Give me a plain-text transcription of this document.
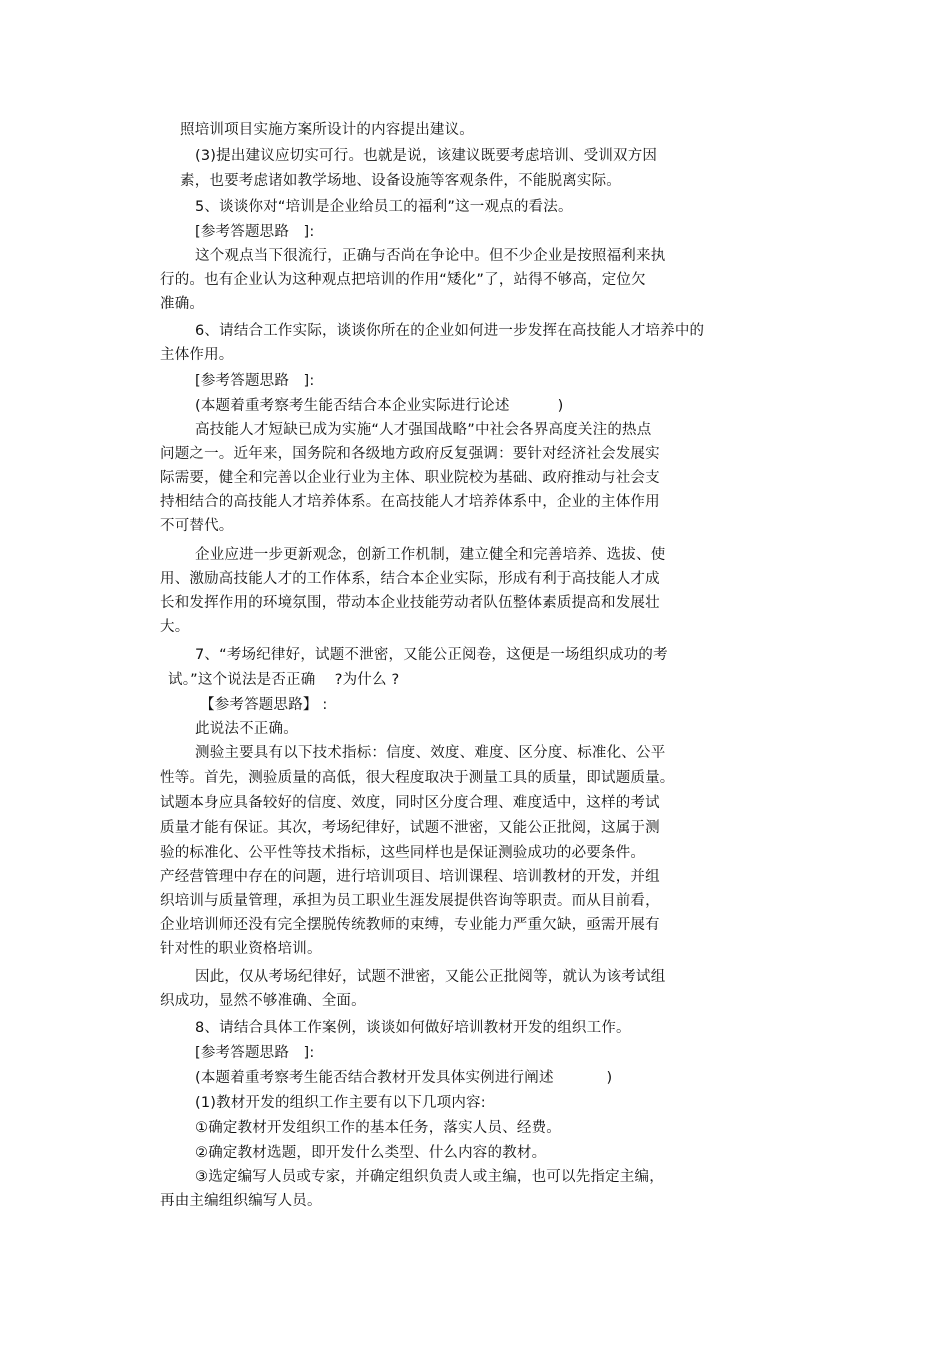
照培训项目实施方案所设计的内容提出建议。
(3)提出建议应切实可行。也就是说，该建议既要考虑培训、受训双方因
素，也要考虑诸如教学场地、设备设施等客观条件，不能脱离实际。
5、谈谈你对“培训是企业给员工的福利”这一观点的看法。
[参考答题思路   ]:
这个观点当下很流行，正确与否尚在争论中。但不少企业是按照福利来执
行的。也有企业认为这种观点把培训的作用“矮化”了，站得不够高，定位欠
准确。
6、请结合工作实际，谈谈你所在的企业如何进一步发挥在高技能人才培养中的
主体作用。
[参考答题思路   ]:
(本题着重考察考生能否结合本企业实际进行论述          )
高技能人才短缺已成为实施“人才强国战略”中社会各界高度关注的热点
问题之一。近年来，国务院和各级地方政府反复强调：要针对经济社会发展实
际需要，健全和完善以企业行业为主体、职业院校为基础、政府推动与社会支
持相结合的高技能人才培养体系。在高技能人才培养体系中，企业的主体作用
不可替代。
企业应进一步更新观念，创新工作机制，建立健全和完善培养、选拔、使
用、激励高技能人才的工作体系，结合本企业实际，形成有利于高技能人才成
长和发挥作用的环境氛围，带动本企业技能劳动者队伍整体素质提高和发展壮
大。
7、“考场纪律好，试题不泄密，又能公正阅卷，这便是一场组织成功的考
试。”这个说法是否正确    ?为什么 ?
【参考答题思路】 :
此说法不正确。
测验主要具有以下技术指标：信度、效度、难度、区分度、标准化、公平
性等。首先，测验质量的高低，很大程度取决于测量工具的质量，即试题质量。
试题本身应具备较好的信度、效度，同时区分度合理、难度适中，这样的考试
质量才能有保证。其次，考场纪律好，试题不泄密，又能公正批阅，这属于测
验的标准化、公平性等技术指标，这些同样也是保证测验成功的必要条件。
产经营管理中存在的问题，进行培训项目、培训课程、培训教材的开发，并组
织培训与质量管理，承担为员工职业生涯发展提供咨询等职责。而从目前看，
企业培训师还没有完全摆脱传统教师的束缚，专业能力严重欠缺，亟需开展有
针对性的职业资格培训。
因此，仅从考场纪律好，试题不泄密，又能公正批阅等，就认为该考试组
织成功，显然不够准确、全面。
8、请结合具体工作案例，谈谈如何做好培训教材开发的组织工作。
[参考答题思路   ]:
(本题着重考察考生能否结合教材开发具体实例进行阐述           )
(1)教材开发的组织工作主要有以下几项内容:
①确定教材开发组织工作的基本任务，落实人员、经费。
②确定教材选题，即开发什么类型、什么内容的教材。
③选定编写人员或专家，并确定组织负责人或主编，也可以先指定主编，
再由主编组织编写人员。
